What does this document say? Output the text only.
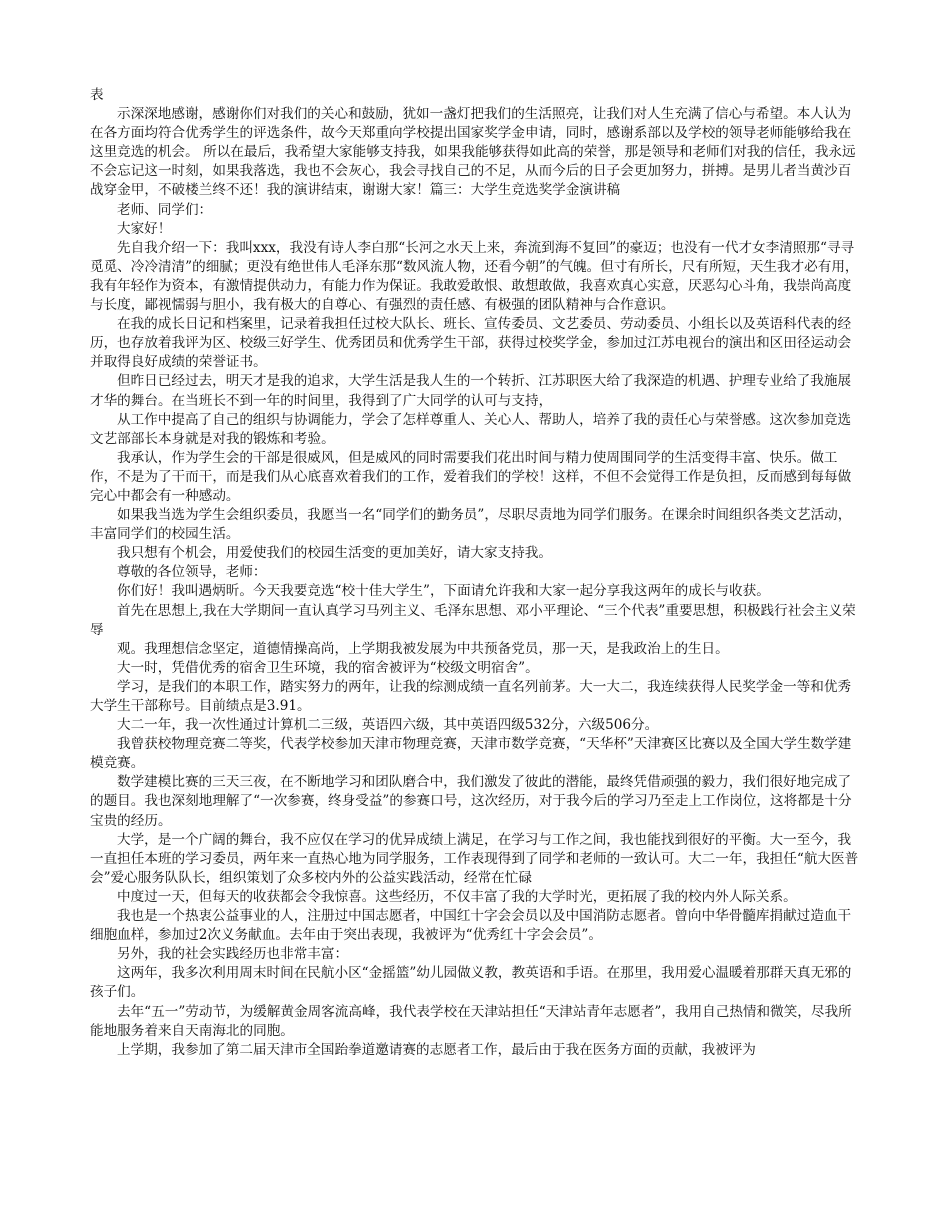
表

示深深地感谢，感谢你们对我们的关心和鼓励，犹如一盏灯把我们的生活照亮，让我们对人生充满了信心与希望。本人认为在各方面均符合优秀学生的评选条件，故今天郑重向学校提出国家奖学金申请，同时，感谢系部以及学校的领导老师能够给我在这里竞选的机会。 所以在最后，我希望大家能够支持我，如果我能够获得如此高的荣誉，那是领导和老师们对我的信任，我永远不会忘记这一时刻，如果我落选，我也不会灰心，我会寻找自己的不足，从而今后的日子会更加努力，拼搏。是男儿者当黄沙百战穿金甲，不破楼兰终不还！我的演讲结束，谢谢大家！篇三：大学生竞选奖学金演讲稿

老师、同学们：

大家好！

先自我介绍一下：我叫xxx，我没有诗人李白那“长河之水天上来，奔流到海不复回”的豪迈；也没有一代才女李清照那“寻寻觅觅、冷冷清清”的细腻；更没有绝世伟人毛泽东那“数风流人物，还看今朝”的气魄。但寸有所长，尺有所短，天生我才必有用，我有年轻作为资本，有激情提供动力，有能力作为保证。我敢爱敢恨、敢想敢做，我喜欢真心实意，厌恶勾心斗角，我崇尚高度与长度，鄙视懦弱与胆小，我有极大的自尊心、有强烈的责任感、有极强的团队精神与合作意识。

在我的成长日记和档案里，记录着我担任过校大队长、班长、宣传委员、文艺委员、劳动委员、小组长以及英语科代表的经历，也存放着我评为区、校级三好学生、优秀团员和优秀学生干部，获得过校奖学金，参加过江苏电视台的演出和区田径运动会并取得良好成绩的荣誉证书。

但昨日已经过去，明天才是我的追求，大学生活是我人生的一个转折、江苏职医大给了我深造的机遇、护理专业给了我施展才华的舞台。在当班长不到一年的时间里，我得到了广大同学的认可与支持，

从工作中提高了自己的组织与协调能力，学会了怎样尊重人、关心人、帮助人，培养了我的责任心与荣誉感。这次参加竞选文艺部部长本身就是对我的锻炼和考验。

我承认，作为学生会的干部是很威风，但是威风的同时需要我们花出时间与精力使周围同学的生活变得丰富、快乐。做工作，不是为了干而干，而是我们从心底喜欢着我们的工作，爱着我们的学校！这样，不但不会觉得工作是负担，反而感到每每做完心中都会有一种感动。

如果我当选为学生会组织委员，我愿当一名“同学们的勤务员”，尽职尽责地为同学们服务。在课余时间组织各类文艺活动，丰富同学们的校园生活。

我只想有个机会，用爱使我们的校园生活变的更加美好，请大家支持我。

尊敬的各位领导，老师：

你们好！我叫遇炳昕。今天我要竞选“校十佳大学生”，下面请允许我和大家一起分享我这两年的成长与收获。

首先在思想上,我在大学期间一直认真学习马列主义、毛泽东思想、邓小平理论、“三个代表”重要思想，积极践行社会主义荣辱

观。我理想信念坚定，道德情操高尚，上学期我被发展为中共预备党员，那一天，是我政治上的生日。

大一时，凭借优秀的宿舍卫生环境，我的宿舍被评为“校级文明宿舍”。

学习，是我们的本职工作，踏实努力的两年，让我的综测成绩一直名列前茅。大一大二，我连续获得人民奖学金一等和优秀大学生干部称号。目前绩点是3.91。

大二一年，我一次性通过计算机二三级，英语四六级，其中英语四级532分，六级506分。

我曾获校物理竞赛二等奖，代表学校参加天津市物理竞赛，天津市数学竞赛，“天华杯”天津赛区比赛以及全国大学生数学建模竞赛。

数学建模比赛的三天三夜，在不断地学习和团队磨合中，我们激发了彼此的潜能，最终凭借顽强的毅力，我们很好地完成了的题目。我也深刻地理解了“一次参赛，终身受益”的参赛口号，这次经历，对于我今后的学习乃至走上工作岗位，这将都是十分宝贵的经历。

大学，是一个广阔的舞台，我不应仅在学习的优异成绩上满足，在学习与工作之间，我也能找到很好的平衡。大一至今，我一直担任本班的学习委员，两年来一直热心地为同学服务，工作表现得到了同学和老师的一致认可。大二一年，我担任“航大医普会”爱心服务队队长，组织策划了众多校内外的公益实践活动，经常在忙碌

中度过一天，但每天的收获都会令我惊喜。这些经历，不仅丰富了我的大学时光，更拓展了我的校内外人际关系。

我也是一个热衷公益事业的人，注册过中国志愿者，中国红十字会会员以及中国消防志愿者。曾向中华骨髓库捐献过造血干细胞血样，参加过2次义务献血。去年由于突出表现，我被评为“优秀红十字会会员”。

另外，我的社会实践经历也非常丰富：

这两年，我多次利用周末时间在民航小区“金摇篮”幼儿园做义教，教英语和手语。在那里，我用爱心温暖着那群天真无邪的孩子们。

去年“五一”劳动节，为缓解黄金周客流高峰，我代表学校在天津站担任“天津站青年志愿者”，我用自己热情和微笑，尽我所能地服务着来自天南海北的同胞。

上学期，我参加了第二届天津市全国跆拳道邀请赛的志愿者工作，最后由于我在医务方面的贡献，我被评为
